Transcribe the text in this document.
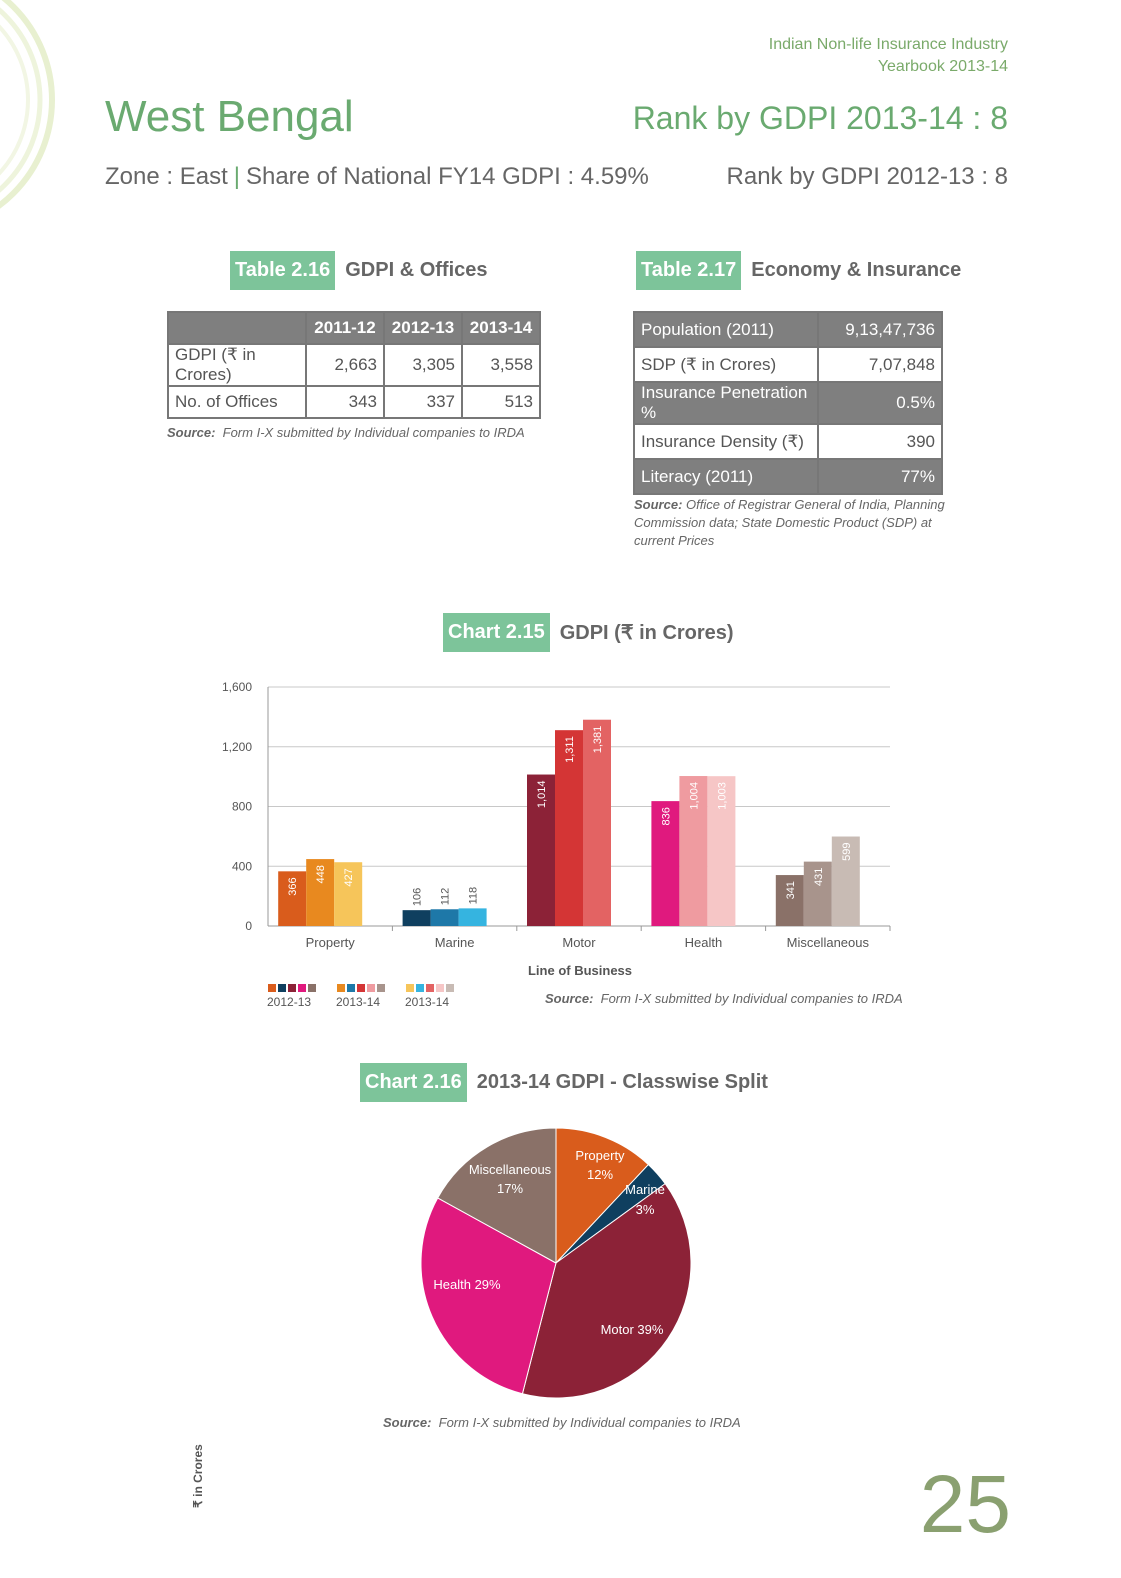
Indian Non-life Insurance Industry
Yearbook 2013-14
West Bengal	Rank by GDPI 2013-14 : 8
Zone : East | Share of National FY14 GDPI : 4.59%	Rank by GDPI 2012-13 : 8
Table 2.16 GDPI & Offices
	2011-12	2012-13	2013-14
GDPI (₹ in Crores)	2,663	3,305	3,558
No. of Offices	343	337	513
Source: Form I-X submitted by Individual companies to IRDA
Table 2.17 Economy & Insurance
Population (2011)	9,13,47,736
SDP (₹ in Crores)	7,07,848
Insurance Penetration %	0.5%
Insurance Density (₹)	390
Literacy (2011)	77%
Source: Office of Registrar General of India, Planning
Commission data; State Domestic Product (SDP) at
current Prices
Chart 2.15 GDPI (₹ in Crores)
0
400
800
1,200
1,600
366
448 427
106 112 118
1,014
1,311 1,381
836
1,004 1,003
341
431
599
Property	Marine	Motor	Health	Miscellaneous
₹ in Crores
Line of Business
2012-13 2013-14 2013-14	Source: Form I-X submitted by Individual companies to IRDA
Chart 2.16 2013-14 GDPI - Classwise Split
Property
12%
Marine
3%
Motor 39%
Health 29%
Miscellaneous
17%
Source: Form I-X submitted by Individual companies to IRDA
25
